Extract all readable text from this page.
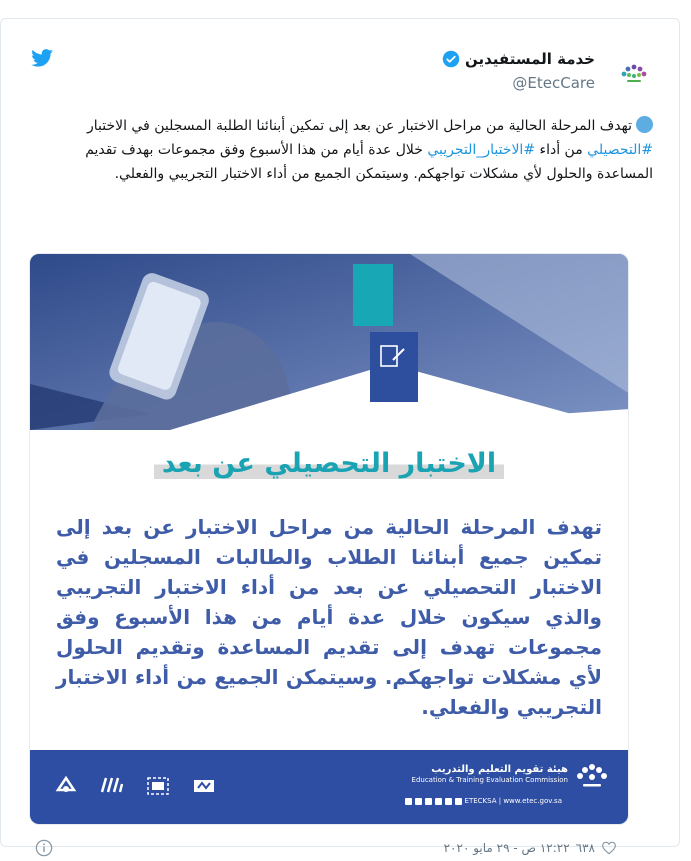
خدمة المستفيدين
@EtecCare
تهدف المرحلة الحالية من مراحل الاختبار عن بعد إلى تمكين أبنائنا الطلبة المسجلين في الاختبار #التحصيلي من أداء #الاختبار_التجريبي خلال عدة أيام من هذا الأسبوع وفق مجموعات بهدف تقديم المساعدة والحلول لأي مشكلات تواجهكم. وسيتمكن الجميع من أداء الاختبار التجريبي والفعلي.
الاختبار التحصيلي عن بعد
تهدف المرحلة الحالية من مراحل الاختبار عن بعد إلى تمكين جميع أبنائنا الطلاب والطالبات المسجلين في الاختبار التحصيلي عن بعد من أداء الاختبار التجريبي والذي سيكون خلال عدة أيام من هذا الأسبوع وفق مجموعات تهدف إلى تقديم المساعدة وتقديم الحلول لأي مشكلات تواجهكم. وسيتمكن الجميع من أداء الاختبار التجريبي والفعلي.
هيئة تقويم التعليم والتدريب
Education & Training Evaluation Commission
ETECKSA | www.etec.gov.sa
٦٣٨
١٢:٢٢ ص - ٢٩ مايو ٢٠٢٠
